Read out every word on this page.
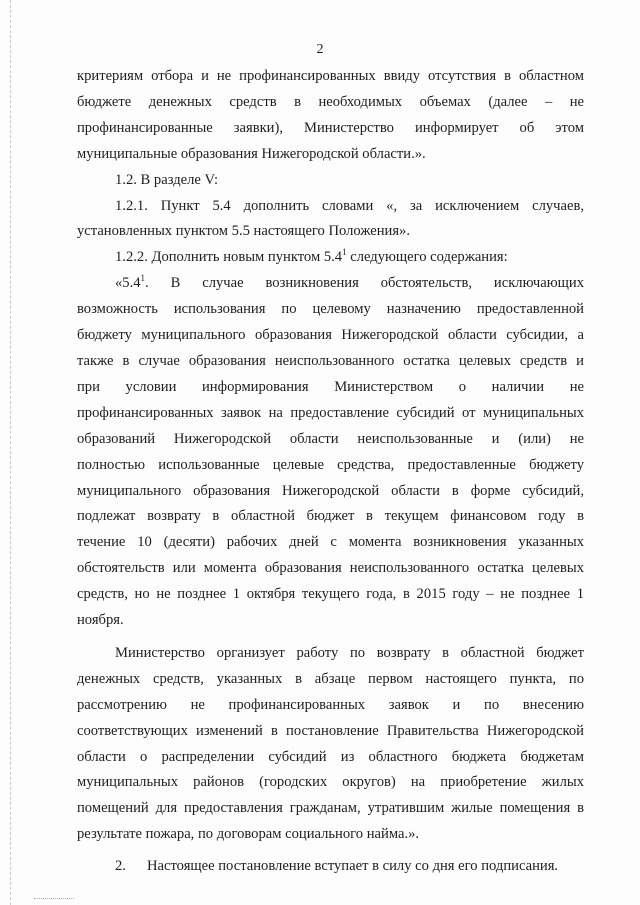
2

критериям отбора и не профинансированных ввиду отсутствия в областном
бюджете денежных средств в необходимых объемах (далее – не
профинансированные заявки), Министерство информирует об этом
муниципальные образования Нижегородской области.».

1.2. В разделе V:

1.2.1. Пункт 5.4 дополнить словами «, за исключением случаев,
установленных пунктом 5.5 настоящего Положения».

1.2.2. Дополнить новым пунктом $5.4^1$ следующего содержания:

«$5.4^1$. В случае возникновения обстоятельств, исключающих
возможность использования по целевому назначению предоставленной
бюджету муниципального образования Нижегородской области субсидии, а
также в случае образования неиспользованного остатка целевых средств и
при условии информирования Министерством о наличии не
профинансированных заявок на предоставление субсидий от муниципальных
образований Нижегородской области неиспользованные и (или) не
полностью использованные целевые средства, предоставленные бюджету
муниципального образования Нижегородской области в форме субсидий,
подлежат возврату в областной бюджет в текущем финансовом году в
течение 10 (десяти) рабочих дней с момента возникновения указанных
обстоятельств или момента образования неиспользованного остатка целевых
средств, но не позднее 1 октября текущего года, в 2015 году – не позднее 1
ноября.

Министерство организует работу по возврату в областной бюджет
денежных средств, указанных в абзаце первом настоящего пункта, по
рассмотрению не профинансированных заявок и по внесению
соответствующих изменений в постановление Правительства Нижегородской
области о распределении субсидий из областного бюджета бюджетам
муниципальных районов (городских округов) на приобретение жилых
помещений для предоставления гражданам, утратившим жилые помещения в
результате пожара, по договорам социального найма.».

2. Настоящее постановление вступает в силу со дня его подписания.
